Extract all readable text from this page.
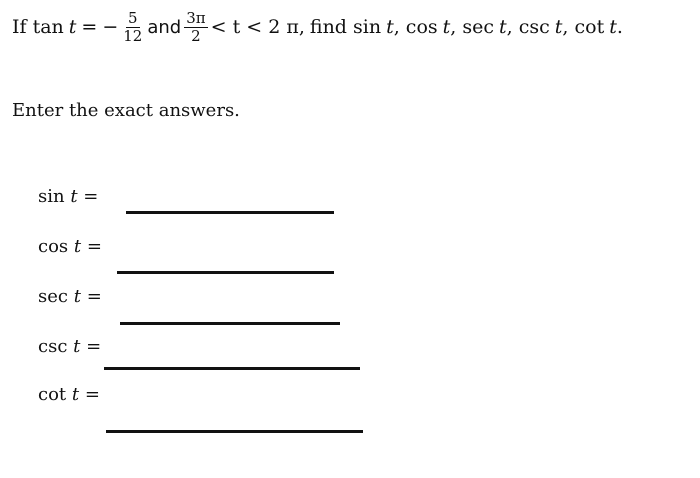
If tan t = − $\frac{5}{12}$ and $\frac{3\pi}{2} < t < 2$ π, find sin t , cos t , sec t , csc t , cot t .
Enter the exact answers.
sin t =
cos t =
sec t =
csc t =
cot t =
